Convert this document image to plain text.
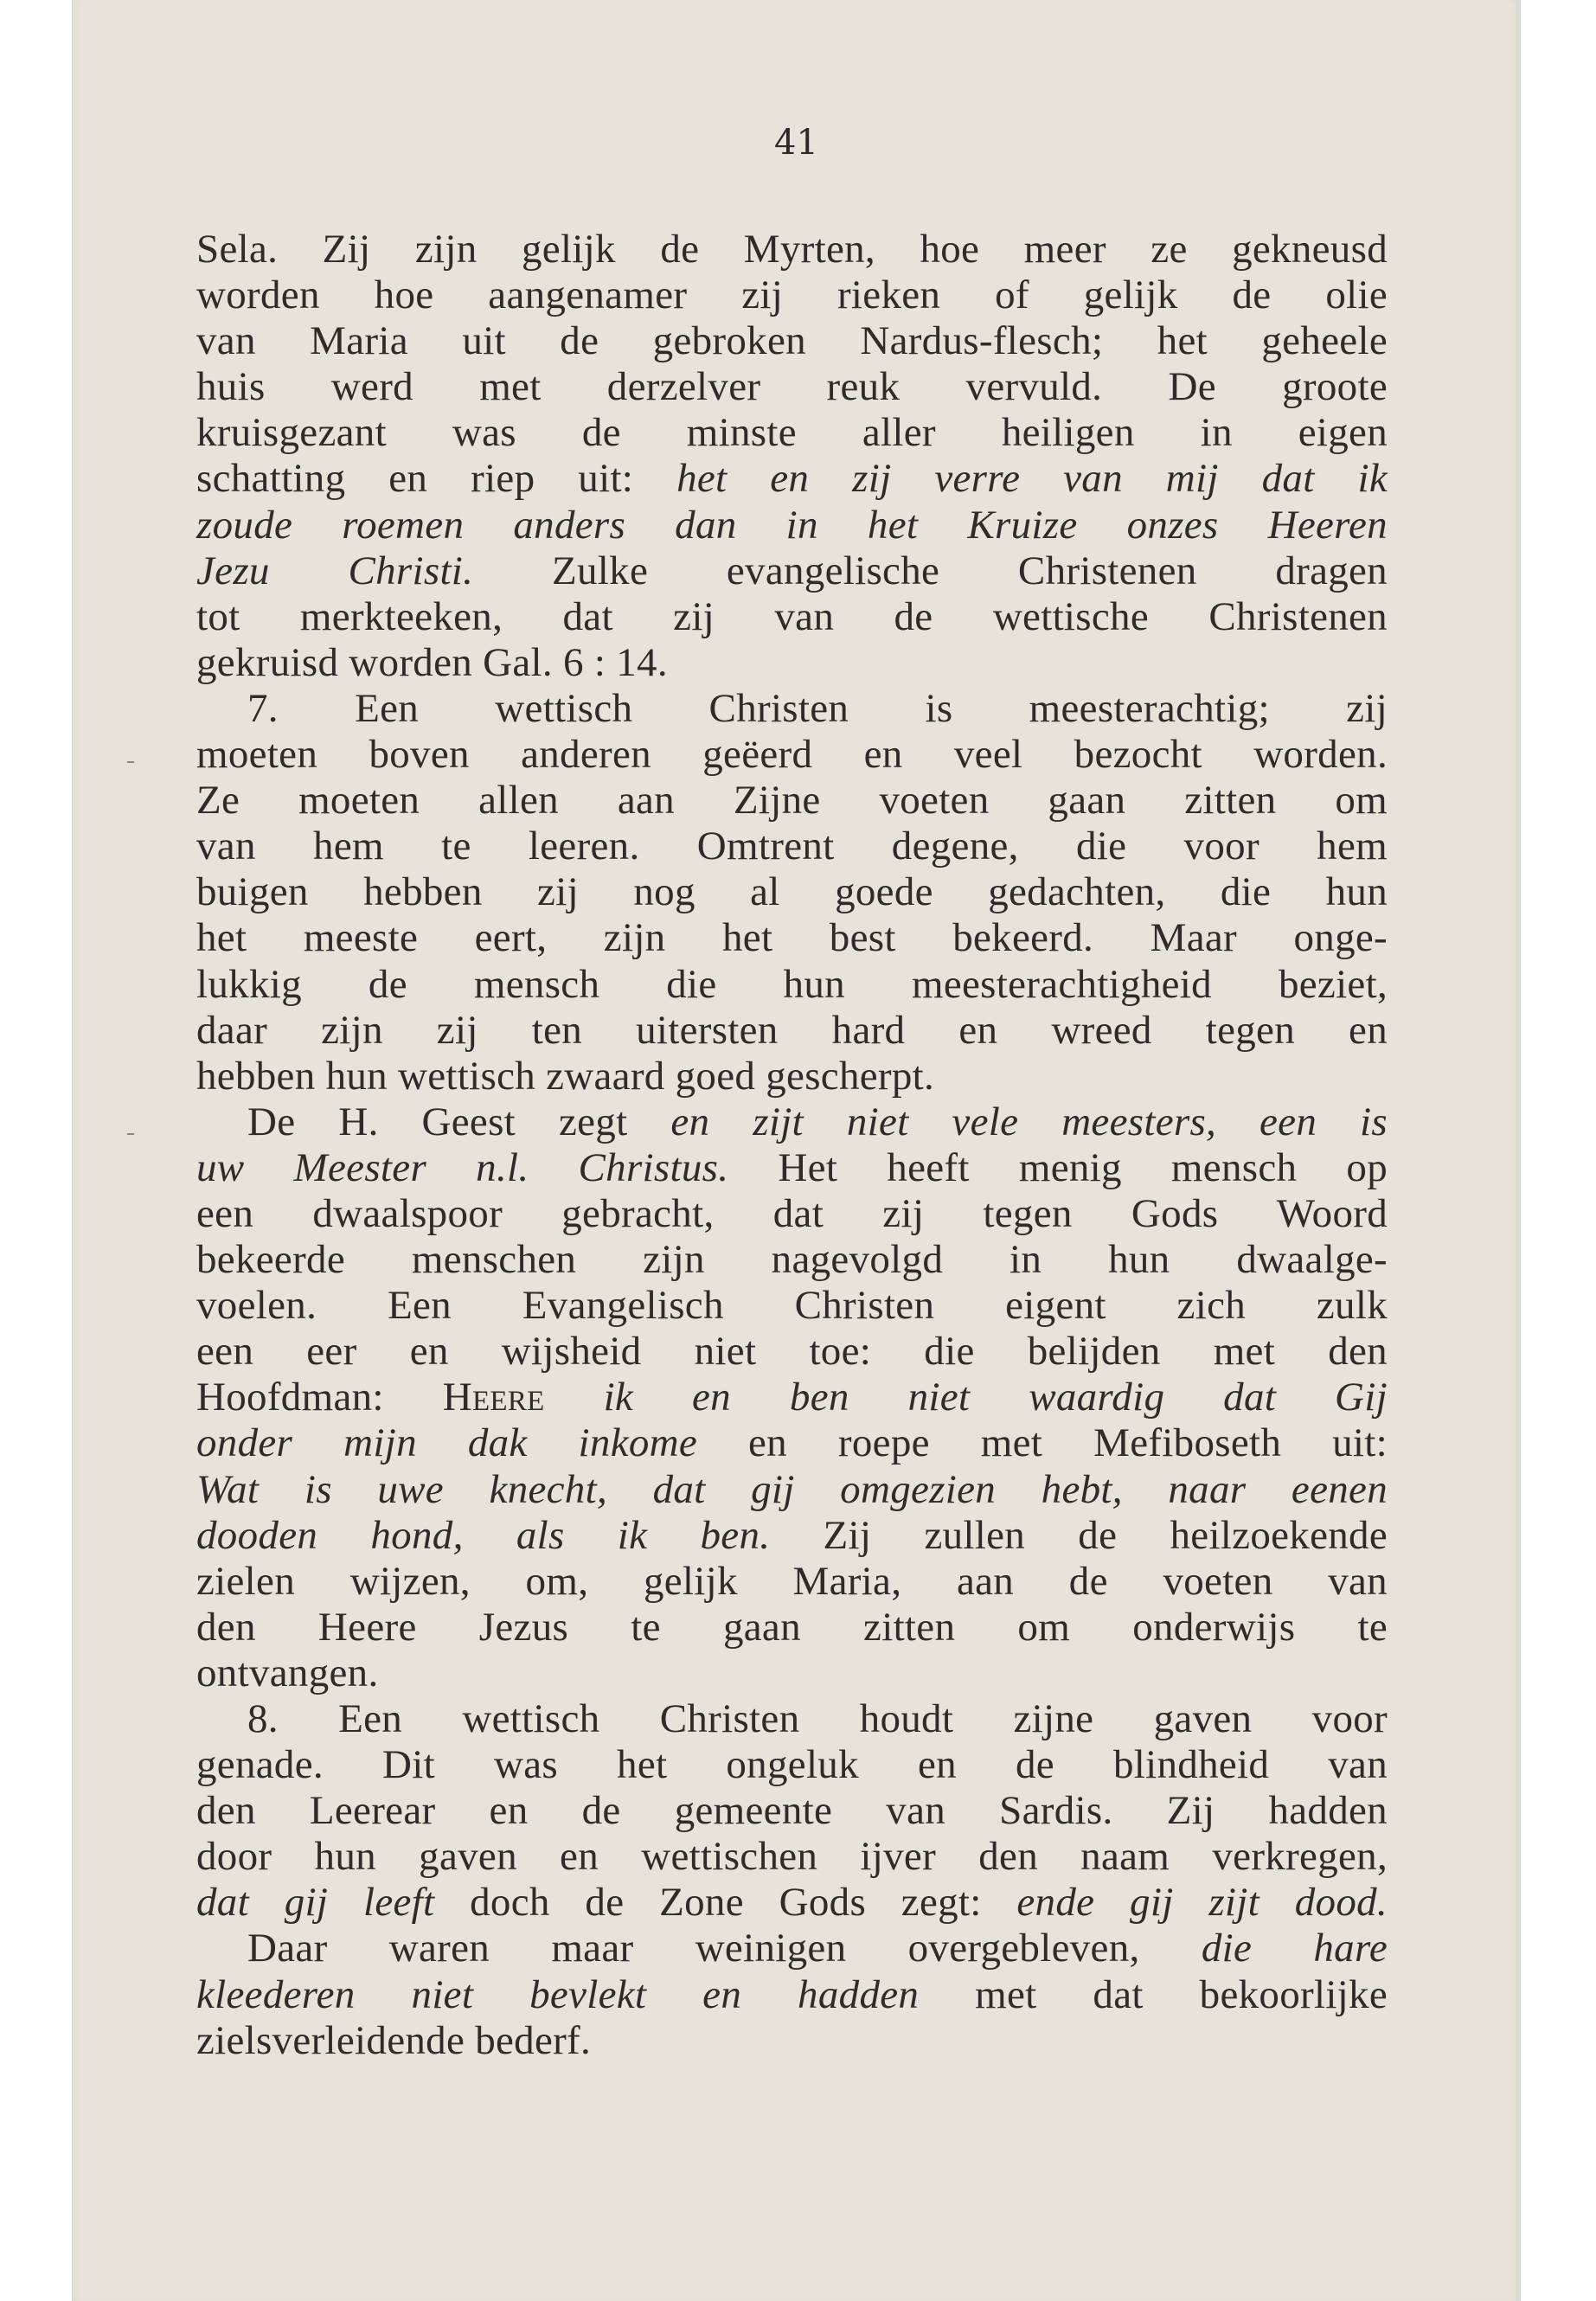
41
Sela. Zij zijn gelijk de Myrten, hoe meer ze gekneusd
worden hoe aangenamer zij rieken of gelijk de olie
van Maria uit de gebroken Nardus-flesch; het geheele
huis werd met derzelver reuk vervuld. De groote
kruisgezant was de minste aller heiligen in eigen
schatting en riep uit: het en zij verre van mij dat ik
zoude roemen anders dan in het Kruize onzes Heeren
Jezu Christi. Zulke evangelische Christenen dragen
tot merkteeken, dat zij van de wettische Christenen
gekruisd worden Gal. 6 : 14.
7. Een wettisch Christen is meesterachtig; zij
moeten boven anderen geëerd en veel bezocht worden.
Ze moeten allen aan Zijne voeten gaan zitten om
van hem te leeren. Omtrent degene, die voor hem
buigen hebben zij nog al goede gedachten, die hun
het meeste eert, zijn het best bekeerd. Maar onge-
lukkig de mensch die hun meesterachtigheid beziet,
daar zijn zij ten uitersten hard en wreed tegen en
hebben hun wettisch zwaard goed gescherpt.
De H. Geest zegt en zijt niet vele meesters, een is
uw Meester n.l. Christus. Het heeft menig mensch op
een dwaalspoor gebracht, dat zij tegen Gods Woord
bekeerde menschen zijn nagevolgd in hun dwaalge-
voelen. Een Evangelisch Christen eigent zich zulk
een eer en wijsheid niet toe: die belijden met den
Hoofdman: Heere ik en ben niet waardig dat Gij
onder mijn dak inkome en roepe met Mefiboseth uit:
Wat is uwe knecht, dat gij omgezien hebt, naar eenen
dooden hond, als ik ben. Zij zullen de heilzoekende
zielen wijzen, om, gelijk Maria, aan de voeten van
den Heere Jezus te gaan zitten om onderwijs te
ontvangen.
8. Een wettisch Christen houdt zijne gaven voor
genade. Dit was het ongeluk en de blindheid van
den Leerear en de gemeente van Sardis. Zij hadden
door hun gaven en wettischen ijver den naam verkregen,
dat gij leeft doch de Zone Gods zegt: ende gij zijt dood.
Daar waren maar weinigen overgebleven, die hare
kleederen niet bevlekt en hadden met dat bekoorlijke
zielsverleidende bederf.
